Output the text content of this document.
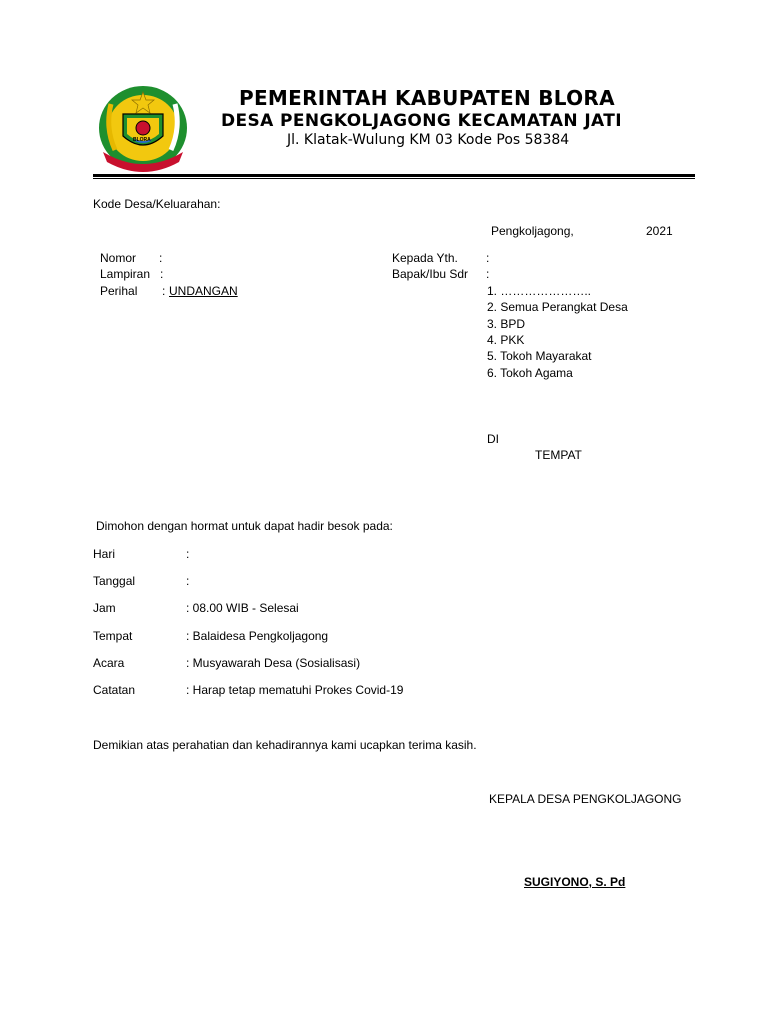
BLORA
PEMERINTAH KABUPATEN BLORA
DESA PENGKOLJAGONG KECAMATAN JATI
Jl. Klatak-Wulung KM 03 Kode Pos 58384
Kode Desa/Keluarahan:
Pengkoljagong,	2021
Nomor :
Lampiran :
Perihal : UNDANGAN
Kepada Yth. :
Bapak/Ibu Sdr :
1. …………………..
2. Semua Perangkat Desa
3. BPD
4. PKK
5. Tokoh Mayarakat
6. Tokoh Agama
DI
TEMPAT
Dimohon dengan hormat untuk dapat hadir besok pada:
Hari	:
Tanggal	:
Jam	: 08.00 WIB - Selesai
Tempat	: Balaidesa Pengkoljagong
Acara	: Musyawarah Desa (Sosialisasi)
Catatan	: Harap tetap mematuhi Prokes Covid-19
Demikian atas perahatian dan kehadirannya kami ucapkan terima kasih.
KEPALA DESA PENGKOLJAGONG
SUGIYONO, S. Pd
